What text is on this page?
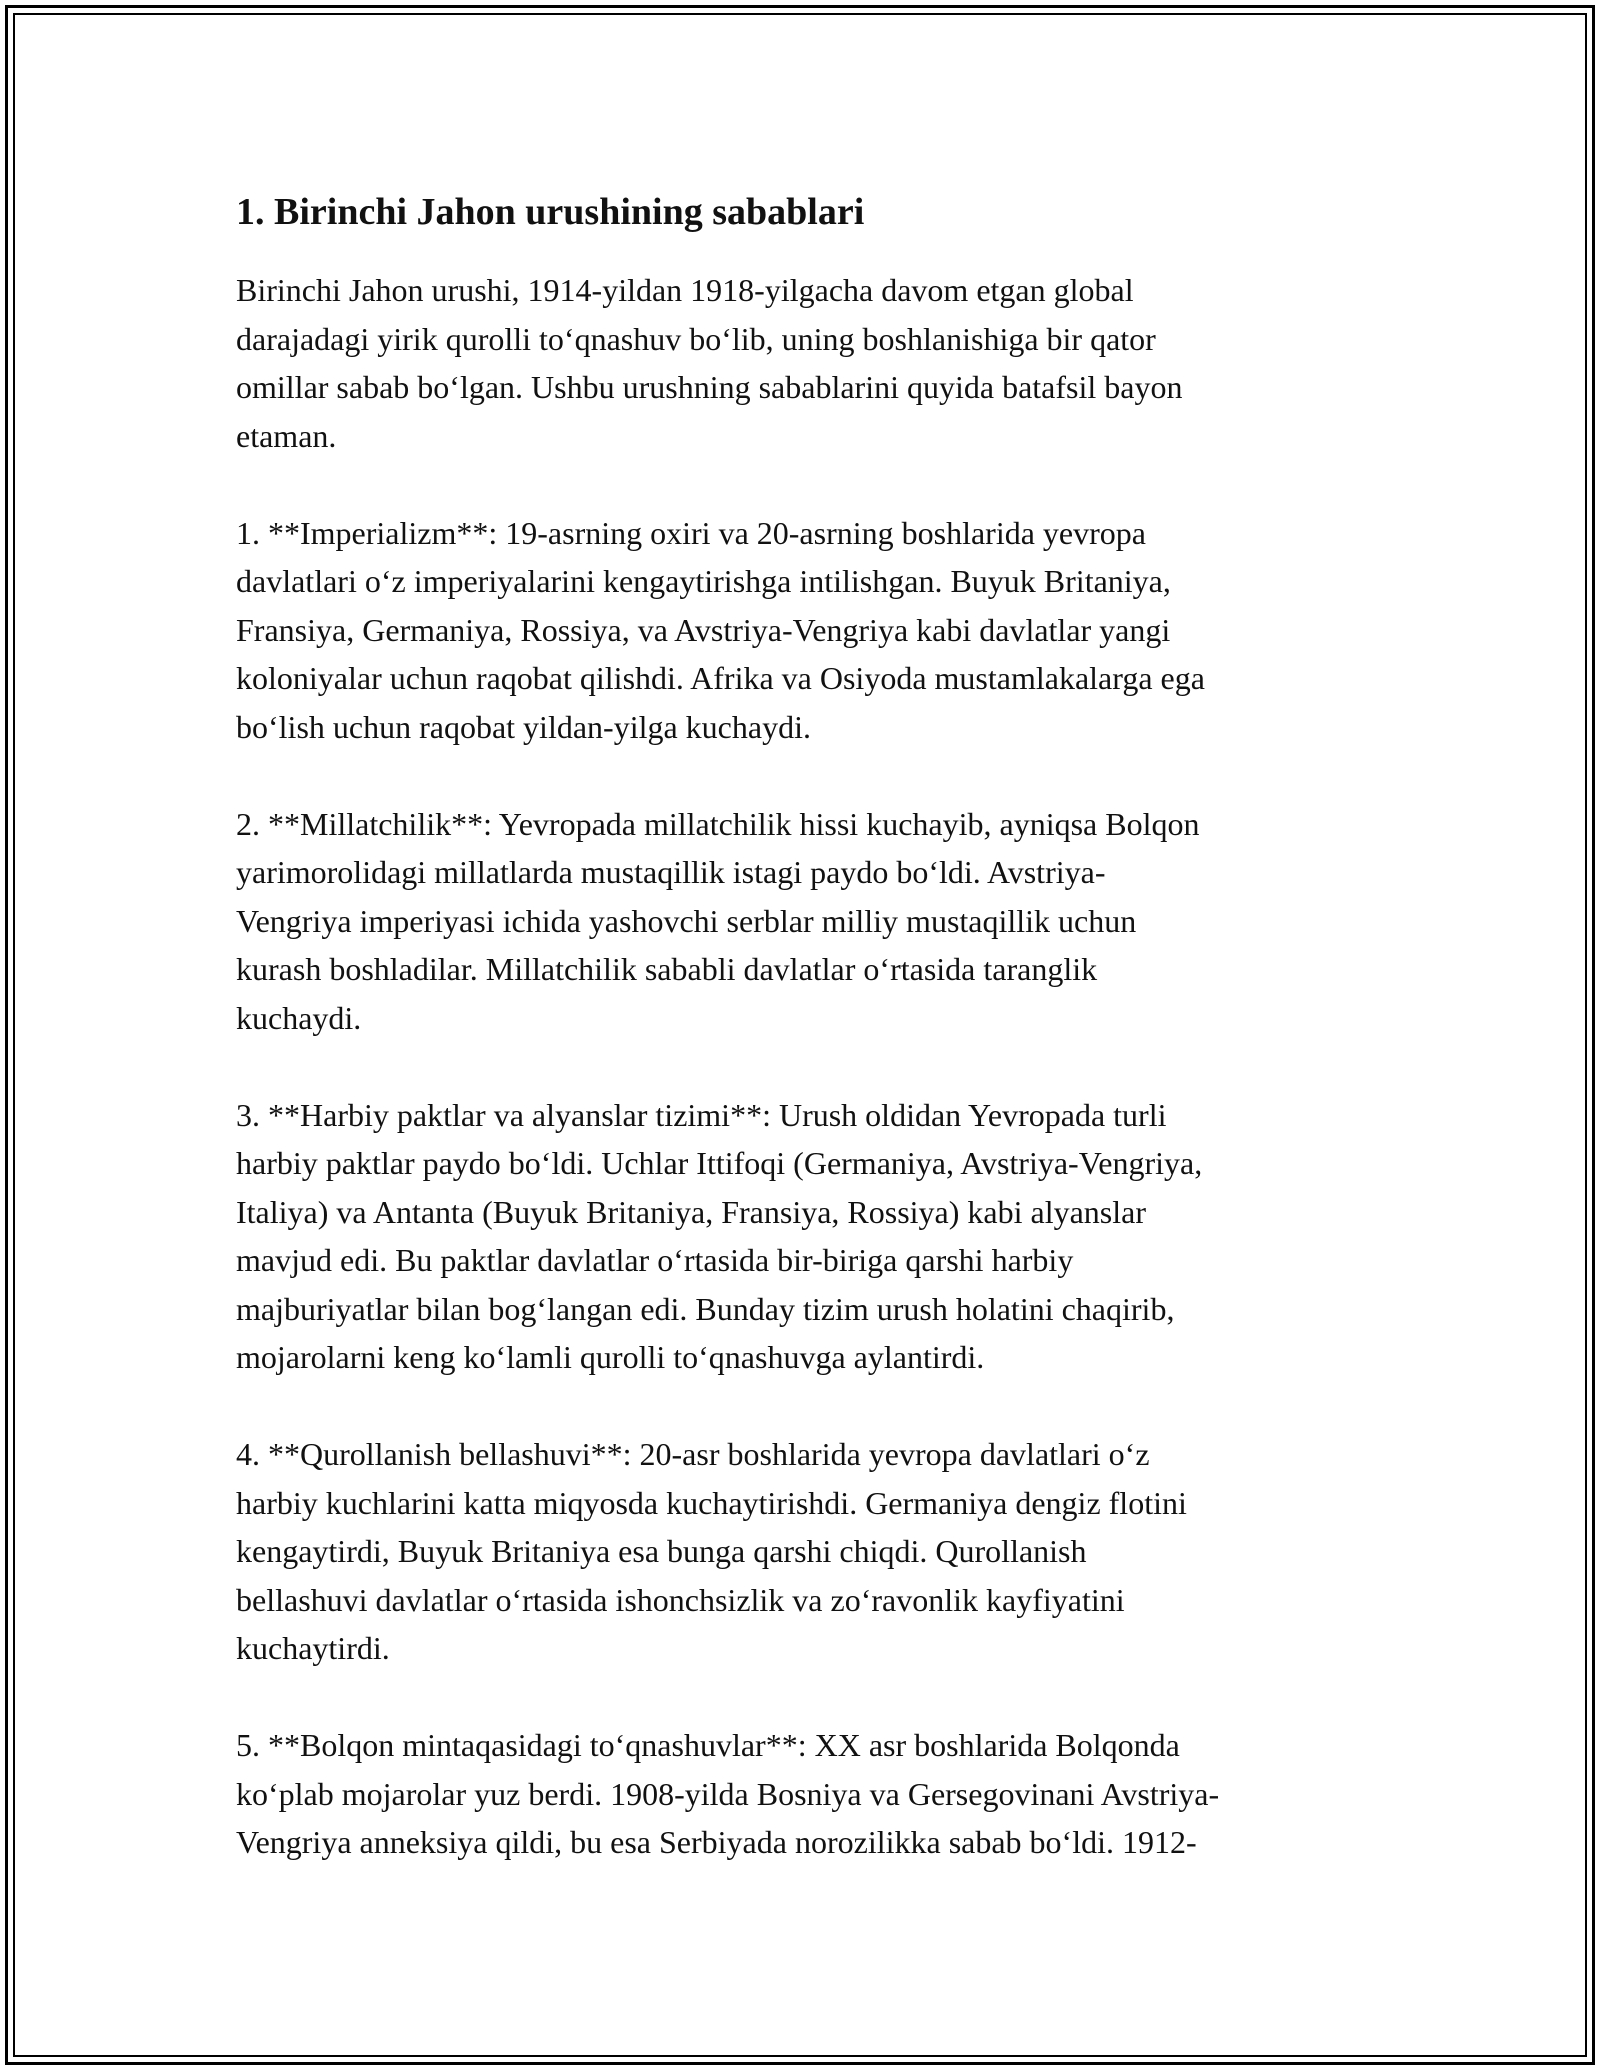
1. Birinchi Jahon urushining sabablari

Birinchi Jahon urushi, 1914-yildan 1918-yilgacha davom etgan global
darajadagi yirik qurolli to‘qnashuv bo‘lib, uning boshlanishiga bir qator
omillar sabab bo‘lgan. Ushbu urushning sabablarini quyida batafsil bayon
etaman.

1. **Imperializm**: 19-asrning oxiri va 20-asrning boshlarida yevropa
davlatlari o‘z imperiyalarini kengaytirishga intilishgan. Buyuk Britaniya,
Fransiya, Germaniya, Rossiya, va Avstriya-Vengriya kabi davlatlar yangi
koloniyalar uchun raqobat qilishdi. Afrika va Osiyoda mustamlakalarga ega
bo‘lish uchun raqobat yildan-yilga kuchaydi.

2. **Millatchilik**: Yevropada millatchilik hissi kuchayib, ayniqsa Bolqon
yarimorolidagi millatlarda mustaqillik istagi paydo bo‘ldi. Avstriya-
Vengriya imperiyasi ichida yashovchi serblar milliy mustaqillik uchun
kurash boshladilar. Millatchilik sababli davlatlar o‘rtasida taranglik
kuchaydi.

3. **Harbiy paktlar va alyanslar tizimi**: Urush oldidan Yevropada turli
harbiy paktlar paydo bo‘ldi. Uchlar Ittifoqi (Germaniya, Avstriya-Vengriya,
Italiya) va Antanta (Buyuk Britaniya, Fransiya, Rossiya) kabi alyanslar
mavjud edi. Bu paktlar davlatlar o‘rtasida bir-biriga qarshi harbiy
majburiyatlar bilan bog‘langan edi. Bunday tizim urush holatini chaqirib,
mojarolarni keng ko‘lamli qurolli to‘qnashuvga aylantirdi.

4. **Qurollanish bellashuvi**: 20-asr boshlarida yevropa davlatlari o‘z
harbiy kuchlarini katta miqyosda kuchaytirishdi. Germaniya dengiz flotini
kengaytirdi, Buyuk Britaniya esa bunga qarshi chiqdi. Qurollanish
bellashuvi davlatlar o‘rtasida ishonchsizlik va zo‘ravonlik kayfiyatini
kuchaytirdi.

5. **Bolqon mintaqasidagi to‘qnashuvlar**: XX asr boshlarida Bolqonda
ko‘plab mojarolar yuz berdi. 1908-yilda Bosniya va Gersegovinani Avstriya-
Vengriya anneksiya qildi, bu esa Serbiyada norozilikka sabab bo‘ldi. 1912-
